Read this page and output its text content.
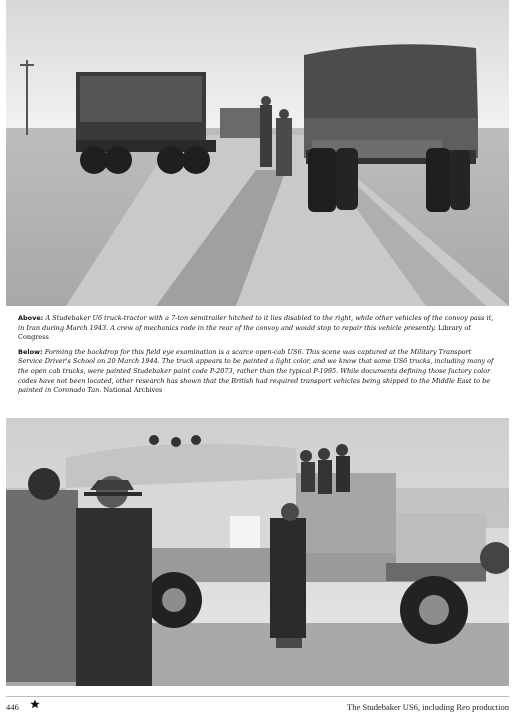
Above: A Studebaker U6 truck-tractor with a 7-ton semitrailer hitched to it lies disabled to the right, while other vehicles of the convoy pass it, in Iran during March 1943. A crew of mechanics rode in the rear of the convoy and would stop to repair this vehicle presently. Library of Congress

Below: Forming the backdrop for this field eye examination is a scarce open-cab US6. This scene was captured at the Military Transport Service Driver's School on 20 March 1944. The truck appears to be painted a light color, and we know that some US6 trucks, including many of the open cab trucks, were painted Studebaker paint code P-2073, rather than the typical P-1995. While documents defining those factory color codes have not been located, other research has shown that the British had required transport vehicles being shipped to the Middle East to be painted in Coronado Tan. National Archives

446	The Studebaker US6, including Reo production
